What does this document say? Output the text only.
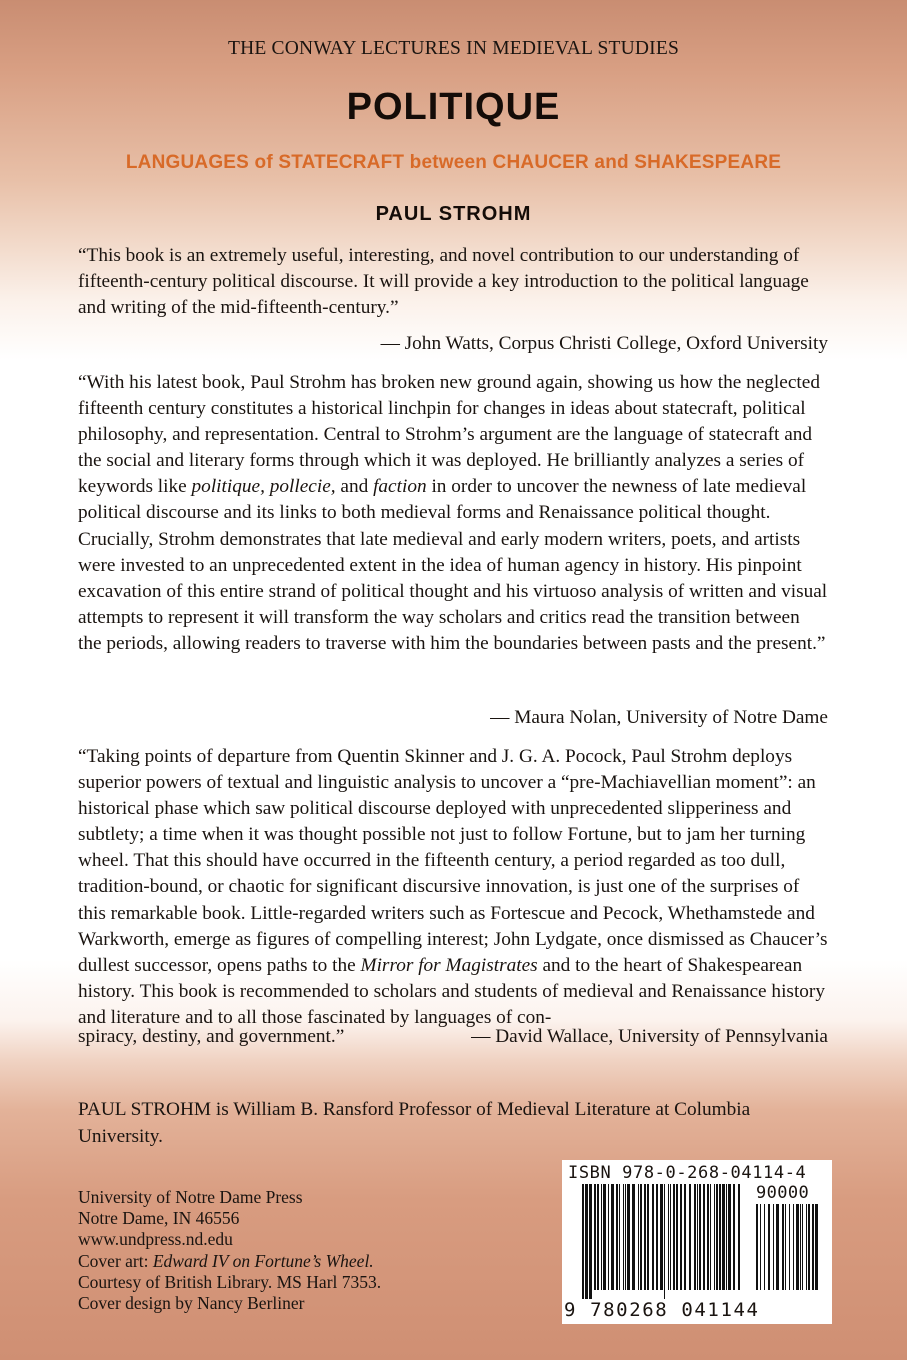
THE CONWAY LECTURES IN MEDIEVAL STUDIES
POLITIQUE
LANGUAGES of STATECRAFT between CHAUCER and SHAKESPEARE
PAUL STROHM
“This book is an extremely useful, interesting, and novel contribution to our understanding of fifteenth-century political discourse. It will provide a key introduction to the political language and writing of the mid-fifteenth-century.”
— John Watts, Corpus Christi College, Oxford University
“With his latest book, Paul Strohm has broken new ground again, showing us how the neglected fifteenth century constitutes a historical linchpin for changes in ideas about statecraft, political philosophy, and representation. Central to Strohm’s argument are the language of statecraft and the social and literary forms through which it was deployed. He brilliantly analyzes a series of keywords like politique, pollecie, and faction in order to uncover the newness of late medieval political discourse and its links to both medieval forms and Renaissance political thought. Crucially, Strohm demonstrates that late medieval and early modern writers, poets, and artists were invested to an unprecedented extent in the idea of human agency in history. His pinpoint excavation of this entire strand of political thought and his virtuoso analysis of written and visual attempts to represent it will transform the way scholars and critics read the transition between the periods, allowing readers to traverse with him the boundaries between pasts and the present.”
— Maura Nolan, University of Notre Dame
“Taking points of departure from Quentin Skinner and J. G. A. Pocock, Paul Strohm deploys superior powers of textual and linguistic analysis to uncover a “pre-Machiavellian moment”: an historical phase which saw political discourse deployed with unprecedented slipperiness and subtlety; a time when it was thought possible not just to follow Fortune, but to jam her turning wheel. That this should have occurred in the fifteenth century, a period regarded as too dull, tradition-bound, or chaotic for significant discursive innovation, is just one of the surprises of this remarkable book. Little-regarded writers such as Fortescue and Pecock, Whethamstede and Warkworth, emerge as figures of compelling interest; John Lydgate, once dismissed as Chaucer’s dullest successor, opens paths to the Mirror for Magistrates and to the heart of Shakespearean history. This book is recommended to scholars and students of medieval and Renaissance history and literature and to all those fascinated by languages of con-
spiracy, destiny, and government.”	— David Wallace, University of Pennsylvania
PAUL STROHM is William B. Ransford Professor of Medieval Literature at Columbia University.
University of Notre Dame Press
Notre Dame, IN 46556
www.undpress.nd.edu
Cover art: Edward IV on Fortune’s Wheel.
Courtesy of British Library. MS Harl 7353.
Cover design by Nancy Berliner
ISBN 978-0-268-04114-4
90000
9 780268 041144
